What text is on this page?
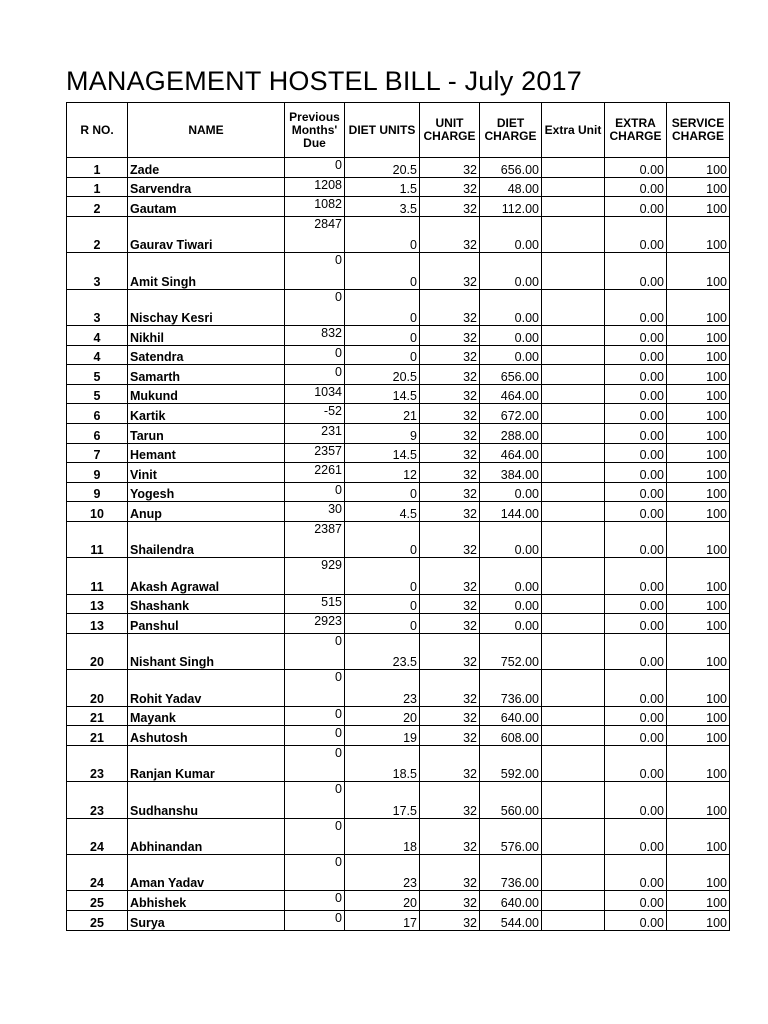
MANAGEMENT HOSTEL BILL - July 2017
R NO.	NAME	Previous Months' Due	DIET UNITS	UNIT CHARGE	DIET CHARGE	Extra Unit	EXTRA CHARGE	SERVICE CHARGE
1	Zade	0	20.5	32	656.00		0.00	100
1	Sarvendra	1208	1.5	32	48.00		0.00	100
2	Gautam	1082	3.5	32	112.00		0.00	100
2	Gaurav Tiwari	2847	0	32	0.00		0.00	100
3	Amit Singh	0	0	32	0.00		0.00	100
3	Nischay Kesri	0	0	32	0.00		0.00	100
4	Nikhil	832	0	32	0.00		0.00	100
4	Satendra	0	0	32	0.00		0.00	100
5	Samarth	0	20.5	32	656.00		0.00	100
5	Mukund	1034	14.5	32	464.00		0.00	100
6	Kartik	-52	21	32	672.00		0.00	100
6	Tarun	231	9	32	288.00		0.00	100
7	Hemant	2357	14.5	32	464.00		0.00	100
9	Vinit	2261	12	32	384.00		0.00	100
9	Yogesh	0	0	32	0.00		0.00	100
10	Anup	30	4.5	32	144.00		0.00	100
11	Shailendra	2387	0	32	0.00		0.00	100
11	Akash Agrawal	929	0	32	0.00		0.00	100
13	Shashank	515	0	32	0.00		0.00	100
13	Panshul	2923	0	32	0.00		0.00	100
20	Nishant Singh	0	23.5	32	752.00		0.00	100
20	Rohit Yadav	0	23	32	736.00		0.00	100
21	Mayank	0	20	32	640.00		0.00	100
21	Ashutosh	0	19	32	608.00		0.00	100
23	Ranjan Kumar	0	18.5	32	592.00		0.00	100
23	Sudhanshu	0	17.5	32	560.00		0.00	100
24	Abhinandan	0	18	32	576.00		0.00	100
24	Aman Yadav	0	23	32	736.00		0.00	100
25	Abhishek	0	20	32	640.00		0.00	100
25	Surya	0	17	32	544.00		0.00	100
